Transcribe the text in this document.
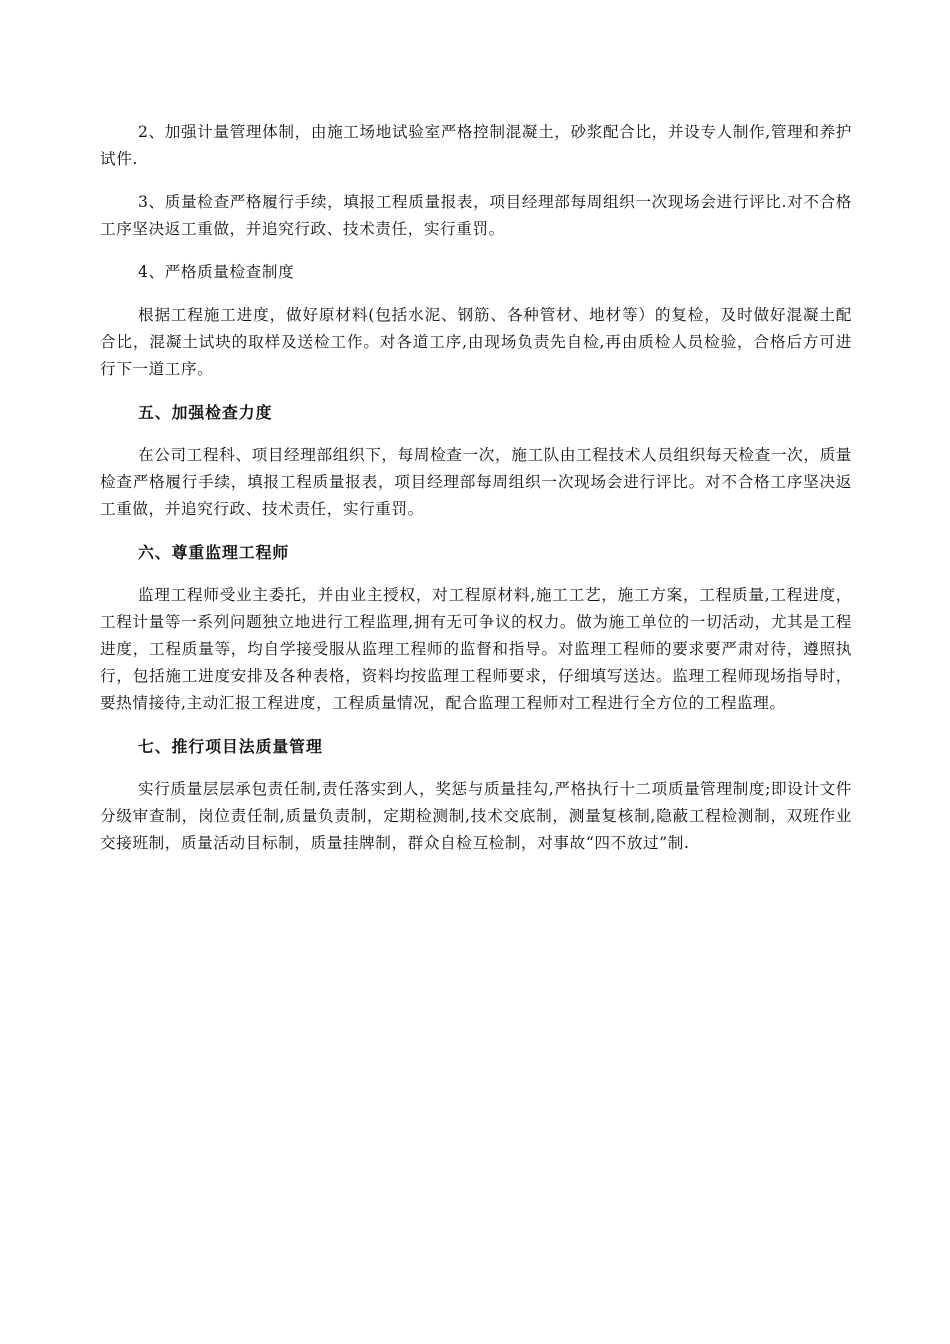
2、加强计量管理体制，由施工场地试验室严格控制混凝土，砂浆配合比，并设专人制作,管理和养护试件.

3、质量检查严格履行手续，填报工程质量报表，项目经理部每周组织一次现场会进行评比.对不合格工序坚决返工重做，并追究行政、技术责任，实行重罚。

4、严格质量检查制度

根据工程施工进度，做好原材料(包括水泥、钢筋、各种管材、地材等）的复检，及时做好混凝土配合比，混凝土试块的取样及送检工作。对各道工序,由现场负责先自检,再由质检人员检验，合格后方可进行下一道工序。

五、加强检查力度

在公司工程科、项目经理部组织下，每周检查一次，施工队由工程技术人员组织每天检查一次，质量检查严格履行手续，填报工程质量报表，项目经理部每周组织一次现场会进行评比。对不合格工序坚决返工重做，并追究行政、技术责任，实行重罚。

六、尊重监理工程师

监理工程师受业主委托，并由业主授权，对工程原材料,施工工艺，施工方案，工程质量,工程进度，工程计量等一系列问题独立地进行工程监理,拥有无可争议的权力。做为施工单位的一切活动，尤其是工程进度，工程质量等，均自学接受服从监理工程师的监督和指导。对监理工程师的要求要严肃对待，遵照执行，包括施工进度安排及各种表格，资料均按监理工程师要求，仔细填写送达。监理工程师现场指导时，要热情接待,主动汇报工程进度，工程质量情况，配合监理工程师对工程进行全方位的工程监理。

七、推行项目法质量管理

实行质量层层承包责任制,责任落实到人，奖惩与质量挂勾,严格执行十二项质量管理制度;即设计文件分级审查制，岗位责任制,质量负责制，定期检测制,技术交底制，测量复核制,隐蔽工程检测制，双班作业交接班制，质量活动目标制，质量挂牌制，群众自检互检制，对事故“四不放过”制.
